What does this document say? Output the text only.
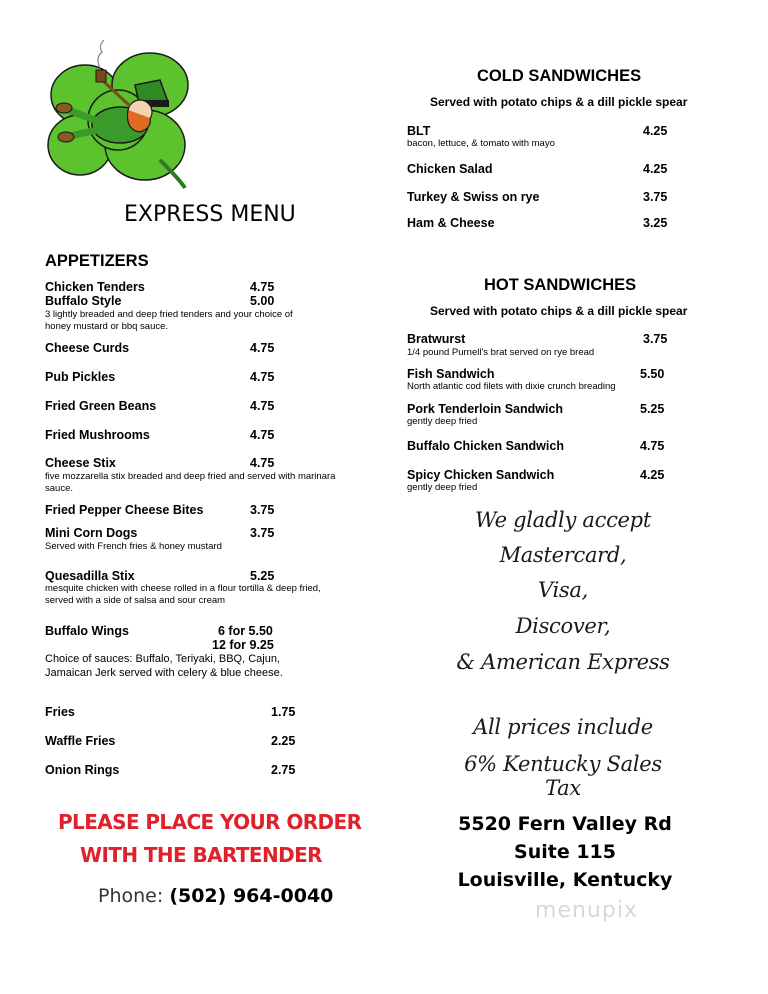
EXPRESS MENU
APPETIZERS
Chicken Tenders	4.75
Buffalo Style	5.00
3 lightly breaded and deep fried tenders and your choice of honey mustard or bbq sauce.
Cheese Curds	4.75
Pub Pickles	4.75
Fried Green Beans	4.75
Fried Mushrooms	4.75
Cheese Stix	4.75
five mozzarella stix breaded and deep fried and served with marinara sauce.
Fried Pepper Cheese Bites	3.75
Mini Corn Dogs	3.75
Served with French fries & honey mustard
Quesadilla Stix	5.25
mesquite chicken with cheese rolled in a flour tortilla & deep fried, served with a side of salsa and sour cream
Buffalo Wings	6 for 5.50
12 for 9.25
Choice of sauces: Buffalo, Teriyaki, BBQ, Cajun, Jamaican Jerk served with celery & blue cheese.
Fries	1.75
Waffle Fries	2.25
Onion Rings	2.75
PLEASE PLACE YOUR ORDER
WITH THE BARTENDER
Phone: (502) 964-0040
COLD SANDWICHES
Served with potato chips & a dill pickle spear
BLT	4.25
bacon, lettuce, & tomato with mayo
Chicken Salad	4.25
Turkey & Swiss on rye	3.75
Ham & Cheese	3.25
HOT SANDWICHES
Served with potato chips & a dill pickle spear
Bratwurst	3.75
1/4 pound Purnell's brat served on rye bread
Fish Sandwich	5.50
North atlantic cod filets with dixie crunch breading
Pork Tenderloin Sandwich	5.25
gently deep fried
Buffalo Chicken Sandwich	4.75
Spicy Chicken Sandwich	4.25
gently deep fried
We gladly accept
Mastercard,
Visa,
Discover,
& American Express
All prices include
6% Kentucky Sales Tax
5520 Fern Valley Rd
Suite 115
Louisville, Kentucky
menupix
